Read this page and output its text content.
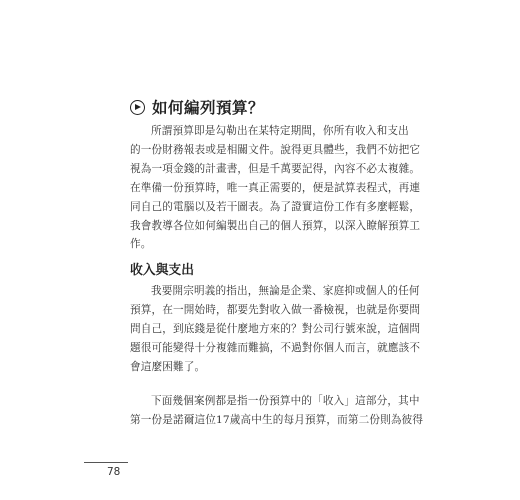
如何編列預算？
所謂預算即是勾勒出在某特定期間，你所有收入和支出
的一份財務報表或是相關文件。說得更具體些，我們不妨把它
視為一項金錢的計畫書，但是千萬要記得，內容不必太複雜。
在準備一份預算時，唯一真正需要的，便是試算表程式，再連
同自己的電腦以及若干圖表。為了證實這份工作有多麼輕鬆，
我會教導各位如何編製出自己的個人預算，以深入瞭解預算工
作。
收入與支出
我要開宗明義的指出，無論是企業、家庭抑或個人的任何
預算，在一開始時，都要先對收入做一番檢視，也就是你要問
問自己，到底錢是從什麼地方來的？對公司行號來說，這個問
題很可能變得十分複雜而難搞，不過對你個人而言，就應該不
會這麼困難了。
下面幾個案例都是指一份預算中的「收入」這部分，其中
第一份是諾爾這位17歲高中生的每月預算，而第二份則為彼得
78
